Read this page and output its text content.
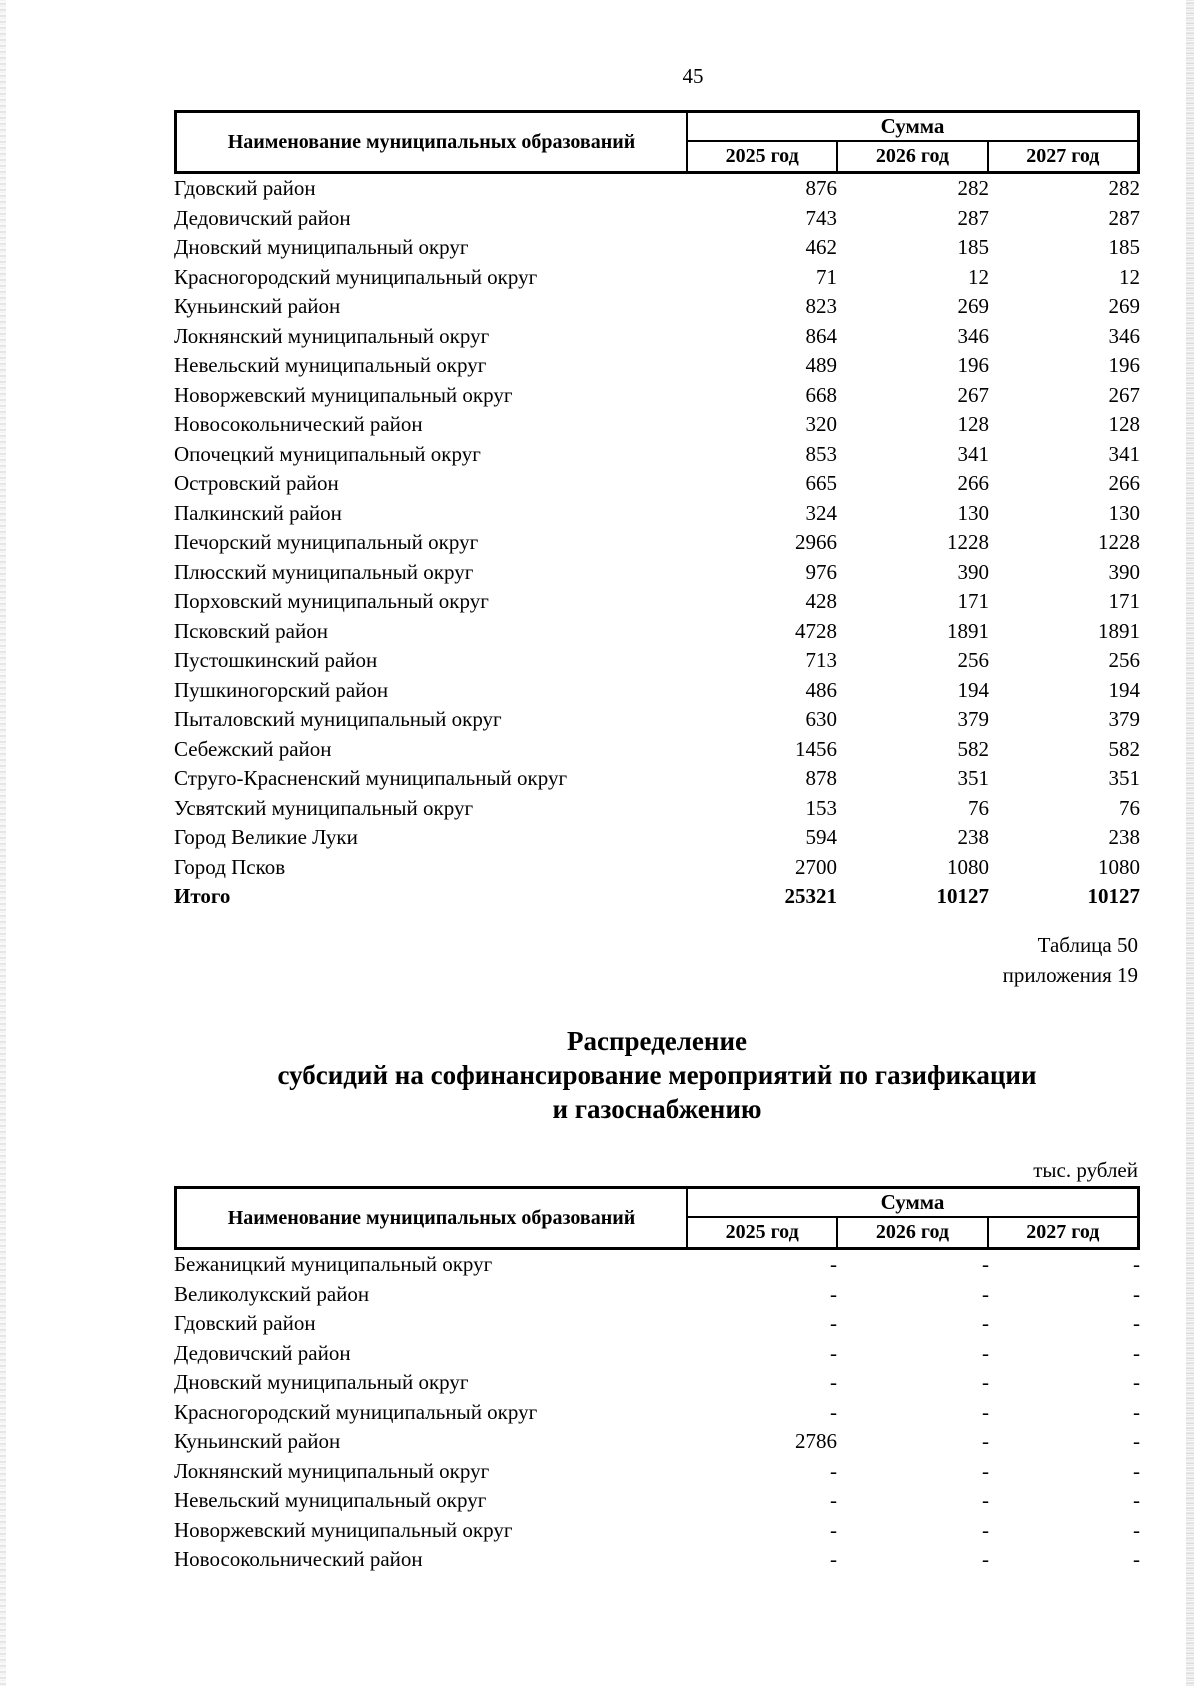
45
Наименование муниципальных образований
Сумма
2025 год	2026 год	2027 год
Гдовский район	876	282	282
Дедовичский район	743	287	287
Дновский муниципальный округ	462	185	185
Красногородский муниципальный округ	71	12	12
Куньинский район	823	269	269
Локнянский муниципальный округ	864	346	346
Невельский муниципальный округ	489	196	196
Новоржевский муниципальный округ	668	267	267
Новосокольнический район	320	128	128
Опочецкий муниципальный округ	853	341	341
Островский район	665	266	266
Палкинский район	324	130	130
Печорский муниципальный округ	2966	1228	1228
Плюсский муниципальный округ	976	390	390
Порховский муниципальный округ	428	171	171
Псковский район	4728	1891	1891
Пустошкинский район	713	256	256
Пушкиногорский район	486	194	194
Пыталовский муниципальный округ	630	379	379
Себежский район	1456	582	582
Струго-Красненский муниципальный округ	878	351	351
Усвятский муниципальный округ	153	76	76
Город Великие Луки	594	238	238
Город Псков	2700	1080	1080
Итого	25321	10127	10127
Таблица 50
приложения 19
Распределение
субсидий на софинансирование мероприятий по газификации
и газоснабжению
тыс. рублей
Наименование муниципальных образований
Сумма
2025 год	2026 год	2027 год
Бежаницкий муниципальный округ	-	-	-
Великолукский район	-	-	-
Гдовский район	-	-	-
Дедовичский район	-	-	-
Дновский муниципальный округ	-	-	-
Красногородский муниципальный округ	-	-	-
Куньинский район	2786	-	-
Локнянский муниципальный округ	-	-	-
Невельский муниципальный округ	-	-	-
Новоржевский муниципальный округ	-	-	-
Новосокольнический район	-	-	-
